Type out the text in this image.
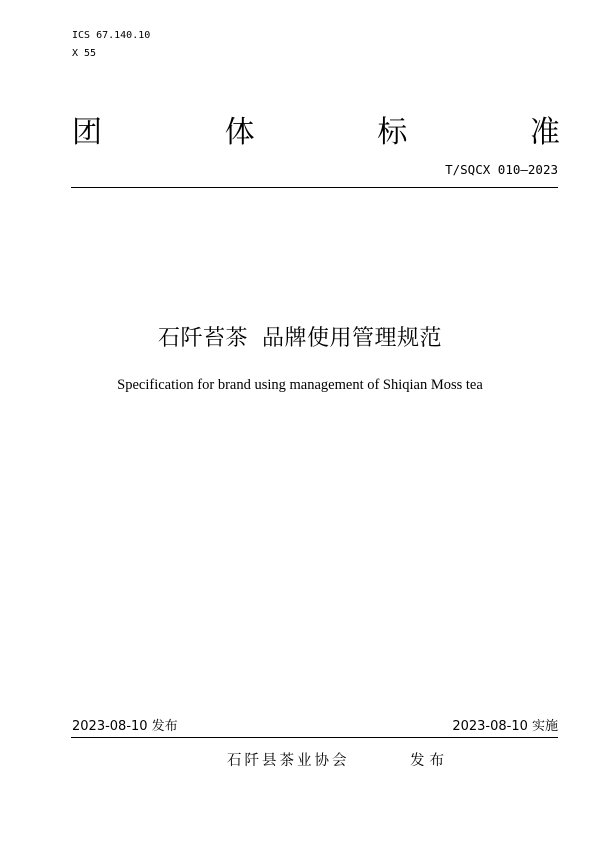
ICS 67.140.10
X 55
团	体	标	准
T/SQCX 010—2023
石阡苔茶 品牌使用管理规范
Specification for brand using management of Shiqian Moss tea
2023-08-10 发布	2023-08-10 实施
石阡县茶业协会	发布
